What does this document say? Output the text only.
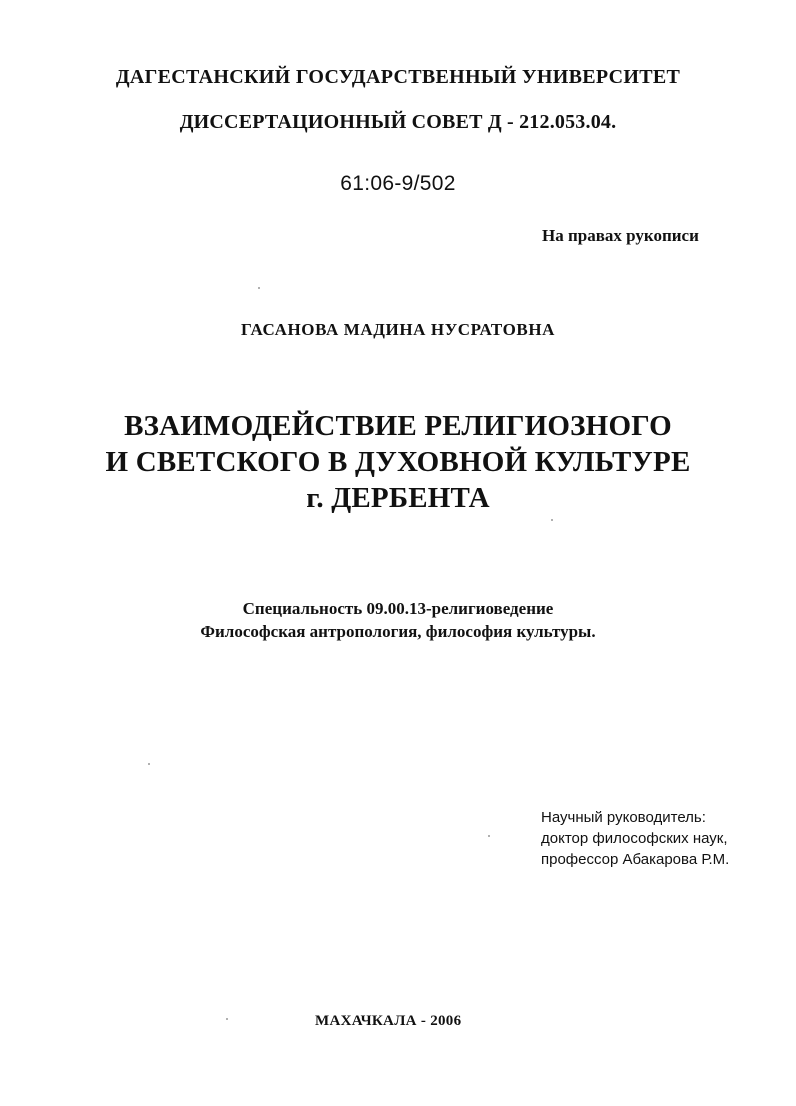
ДАГЕСТАНСКИЙ ГОСУДАРСТВЕННЫЙ УНИВЕРСИТЕТ

ДИССЕРТАЦИОННЫЙ СОВЕТ Д - 212.053.04.

61:06-9/502

На правах рукописи

ГАСАНОВА МАДИНА НУСРАТОВНА

ВЗАИМОДЕЙСТВИЕ РЕЛИГИОЗНОГО
И СВЕТСКОГО В ДУХОВНОЙ КУЛЬТУРЕ
г. ДЕРБЕНТА
Специальность 09.00.13-религиоведение
Философская антропология, философия культуры.
Научный руководитель:
доктор философских наук,
профессор Абакарова Р.М.

МАХАЧКАЛА - 2006
